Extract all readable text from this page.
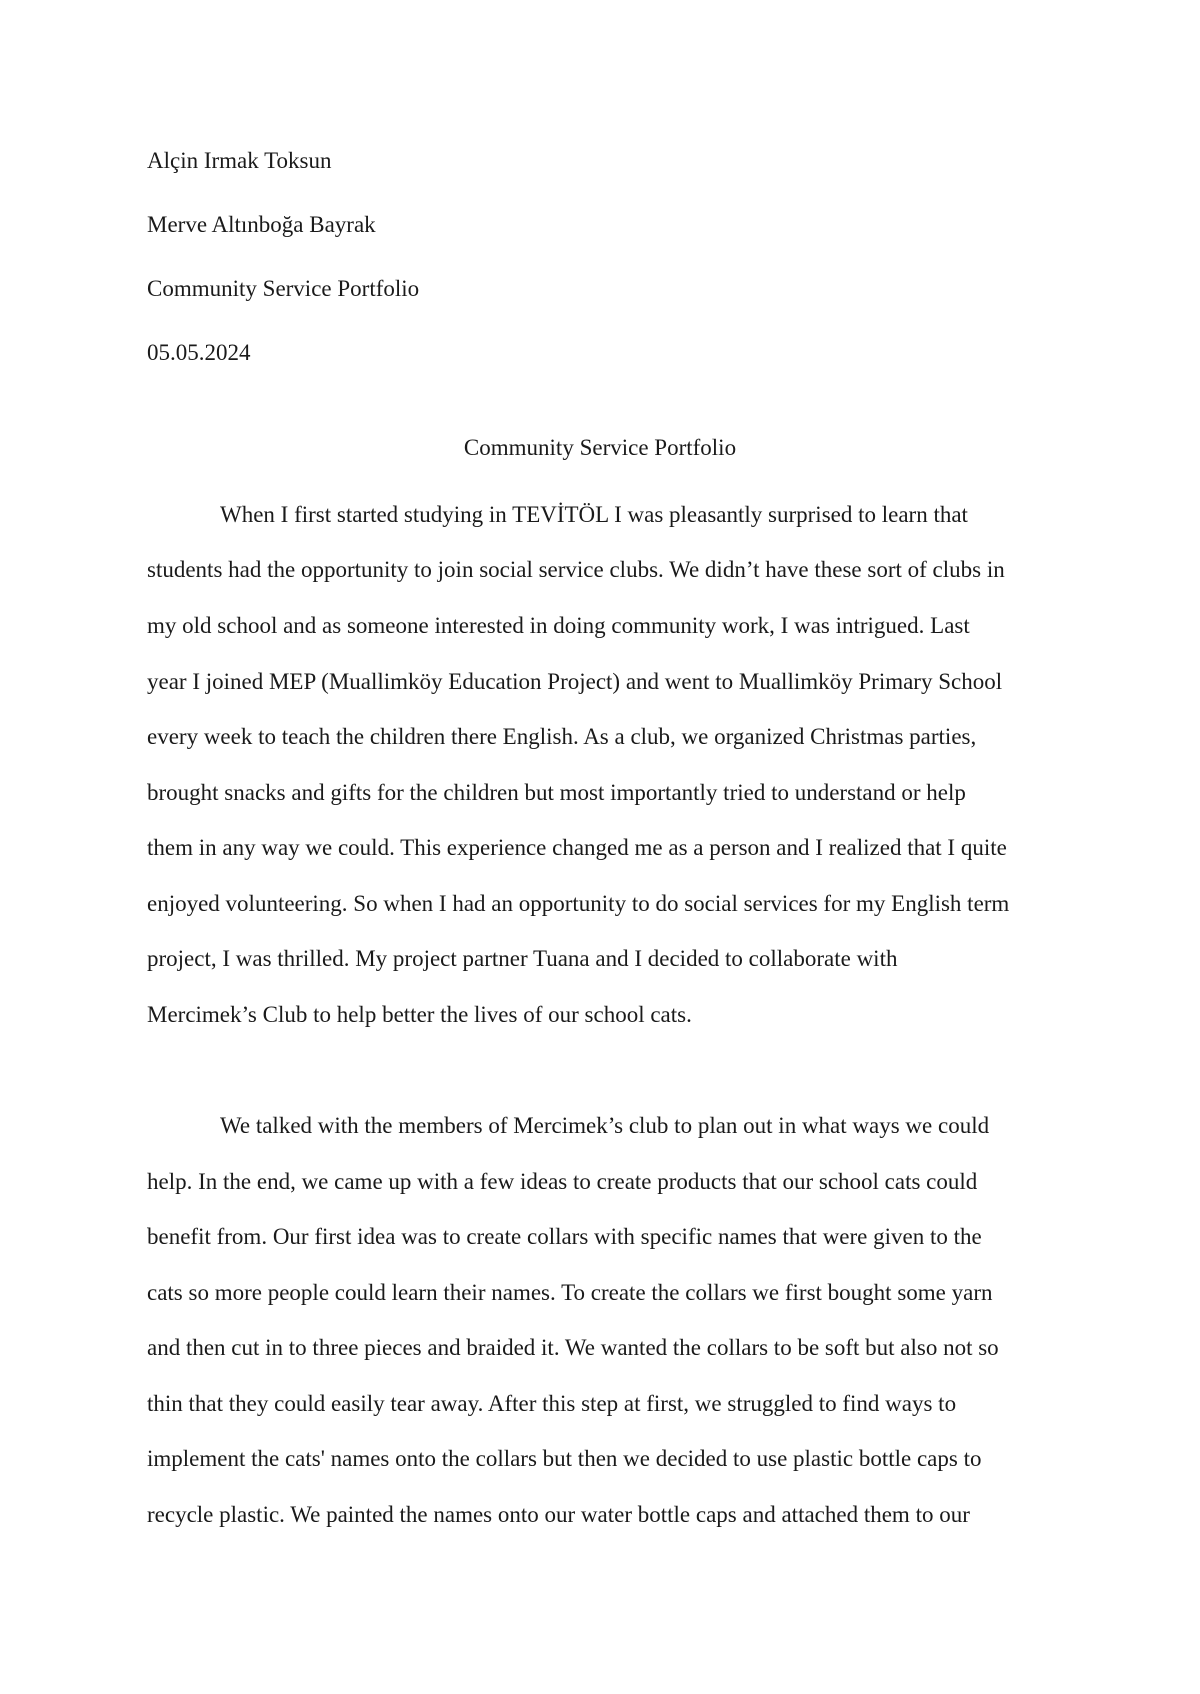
Alçin Irmak Toksun
Merve Altınboğa Bayrak
Community Service Portfolio
05.05.2024
Community Service Portfolio
When I first started studying in TEVİTÖL I was pleasantly surprised to learn that
students had the opportunity to join social service clubs. We didn’t have these sort of clubs in
my old school and as someone interested in doing community work, I was intrigued. Last
year I joined MEP (Muallimköy Education Project) and went to Muallimköy Primary School
every week to teach the children there English. As a club, we organized Christmas parties,
brought snacks and gifts for the children but most importantly tried to understand or help
them in any way we could. This experience changed me as a person and I realized that I quite
enjoyed volunteering. So when I had an opportunity to do social services for my English term
project, I was thrilled. My project partner Tuana and I decided to collaborate with
Mercimek’s Club to help better the lives of our school cats.
We talked with the members of Mercimek’s club to plan out in what ways we could
help. In the end, we came up with a few ideas to create products that our school cats could
benefit from. Our first idea was to create collars with specific names that were given to the
cats so more people could learn their names. To create the collars we first bought some yarn
and then cut in to three pieces and braided it. We wanted the collars to be soft but also not so
thin that they could easily tear away. After this step at first, we struggled to find ways to
implement the cats' names onto the collars but then we decided to use plastic bottle caps to
recycle plastic. We painted the names onto our water bottle caps and attached them to our
